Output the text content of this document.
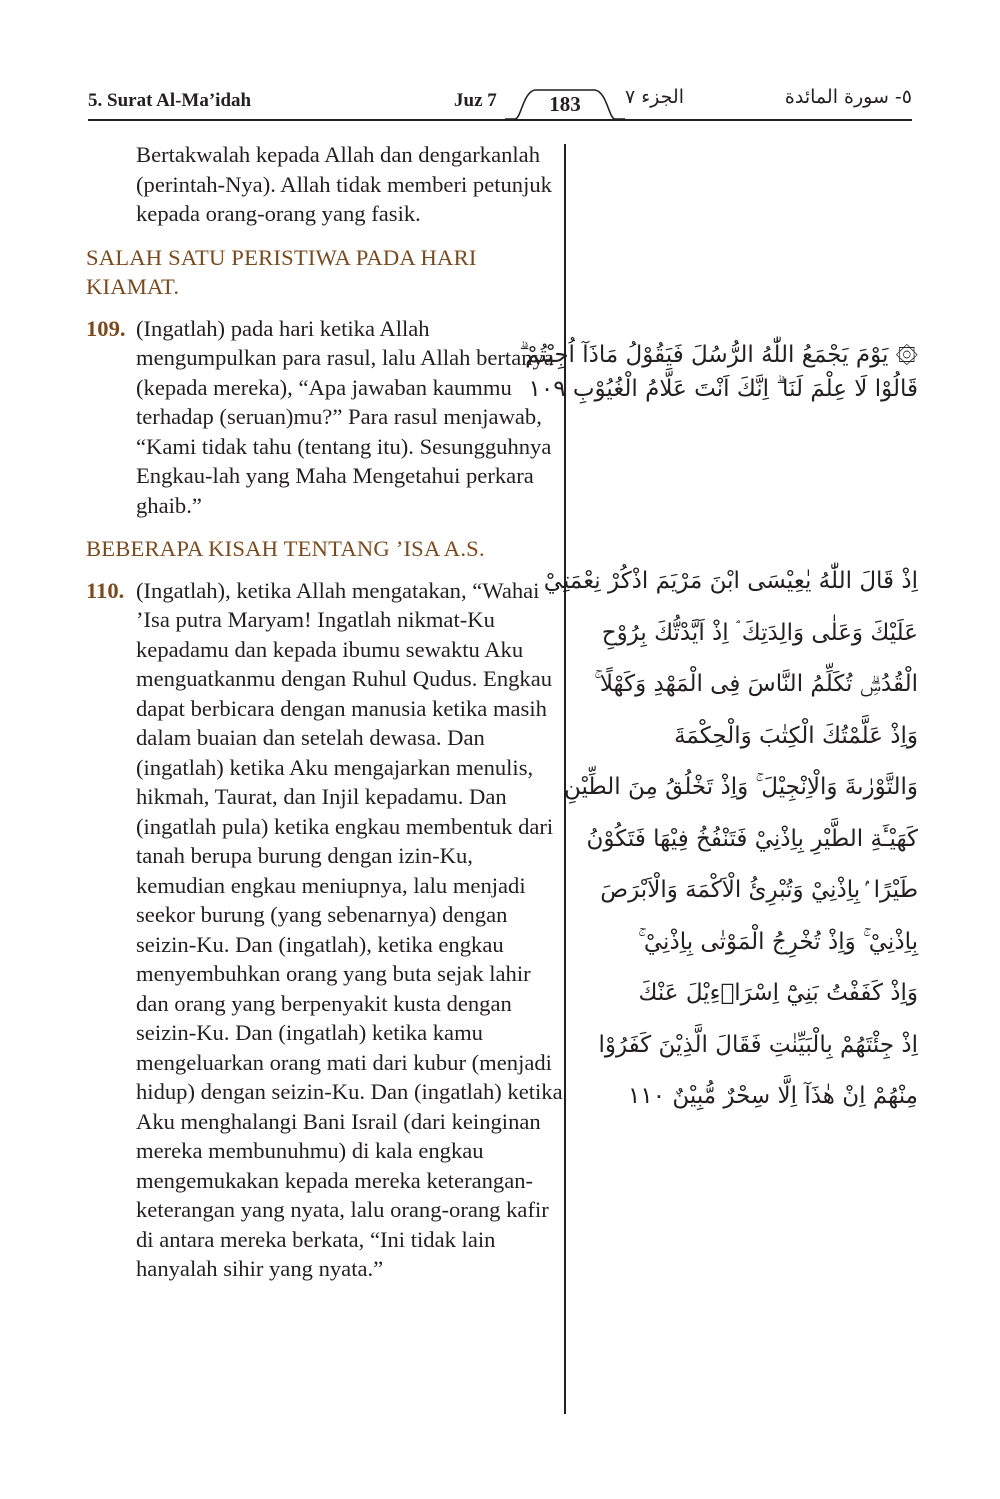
5. Surat Al-Ma’idah	Juz 7	الجزء ٧	٥- سورة المائدة
183

Bertakwalah kepada Allah dan dengarkanlah (perintah-Nya). Allah tidak memberi petunjuk kepada orang-orang yang fasik.

SALAH SATU PERISTIWA PADA HARI KIAMAT.

109. (Ingatlah) pada hari ketika Allah mengumpulkan para rasul, lalu Allah bertanya (kepada mereka), “Apa jawaban kaummu terhadap (seruan)mu?” Para rasul menjawab, “Kami tidak tahu (tentang itu). Sesungguhnya Engkau-lah yang Maha Mengetahui perkara ghaib.”

BEBERAPA KISAH TENTANG ’ISA A.S.

110. (Ingatlah), ketika Allah mengatakan, “Wahai ’Isa putra Maryam! Ingatlah nikmat-Ku kepadamu dan kepada ibumu sewaktu Aku menguatkanmu dengan Ruhul Qudus. Engkau dapat berbicara dengan manusia ketika masih dalam buaian dan setelah dewasa. Dan (ingatlah) ketika Aku mengajarkan menulis, hikmah, Taurat, dan Injil kepadamu. Dan (ingatlah pula) ketika engkau membentuk dari tanah berupa burung dengan izin-Ku, kemudian engkau meniupnya, lalu menjadi seekor burung (yang sebenarnya) dengan seizin-Ku. Dan (ingatlah), ketika engkau menyembuhkan orang yang buta sejak lahir dan orang yang berpenyakit kusta dengan seizin-Ku. Dan (ingatlah) ketika kamu mengeluarkan orang mati dari kubur (menjadi hidup) dengan seizin-Ku. Dan (ingatlah) ketika Aku menghalangi Bani Israil (dari keinginan mereka membunuhmu) di kala engkau mengemukakan kepada mereka keterangan-keterangan yang nyata, lalu orang-orang kafir di antara mereka berkata, “Ini tidak lain hanyalah sihir yang nyata.”
۞ يَوْمَ يَجْمَعُ اللّٰهُ الرُّسُلَ فَيَقُوْلُ مَاذَآ اُجِبْتُمْ ۗ
قَالُوْا لَا عِلْمَ لَنَا ۗ اِنَّكَ اَنْتَ عَلَّامُ الْغُيُوْبِ ١٠٩
اِذْ قَالَ اللّٰهُ يٰعِيْسَى ابْنَ مَرْيَمَ اذْكُرْ نِعْمَتِيْ
عَلَيْكَ وَعَلٰى وَالِدَتِكَ ۘ اِذْ اَيَّدْتُّكَ بِرُوْحِ
الْقُدُسِۗ تُكَلِّمُ النَّاسَ فِى الْمَهْدِ وَكَهْلًا ۚ
وَاِذْ عَلَّمْتُكَ الْكِتٰبَ وَالْحِكْمَةَ
وَالتَّوْرٰىةَ وَالْاِنْجِيْلَ ۚ وَاِذْ تَخْلُقُ مِنَ الطِّيْنِ
كَهَيْـَٔةِ الطَّيْرِ بِاِذْنِيْ فَتَنْفُخُ فِيْهَا فَتَكُوْنُ
طَيْرًا ۢبِاِذْنِيْ وَتُبْرِئُ الْاَكْمَهَ وَالْاَبْرَصَ
بِاِذْنِيْ ۚ وَاِذْ تُخْرِجُ الْمَوْتٰى بِاِذْنِيْ ۚ
وَاِذْ كَفَفْتُ بَنِيْٓ اِسْرَاۤءِيْلَ عَنْكَ
اِذْ جِئْتَهُمْ بِالْبَيِّنٰتِ فَقَالَ الَّذِيْنَ كَفَرُوْا
مِنْهُمْ اِنْ هٰذَآ اِلَّا سِحْرٌ مُّبِيْنٌ ١١٠
